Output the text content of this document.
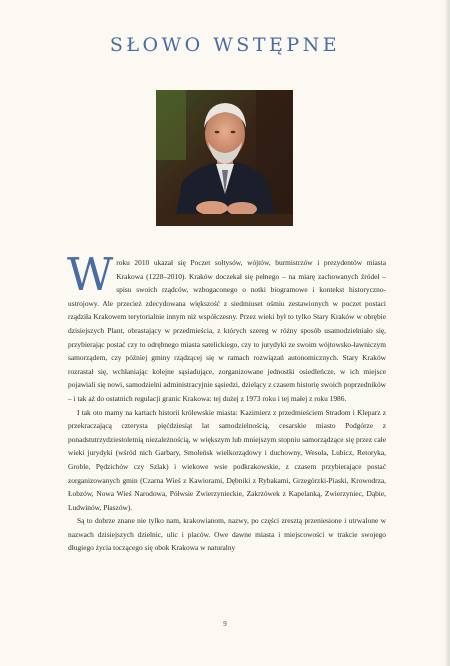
SŁOWO WSTĘPNE

Wroku 2010 ukazał się Poczet sołtysów, wójtów, burmistrzów i prezydentów miasta Krakowa (1228–2010). Kraków doczekał się pełnego – na miarę zachowanych źródeł – spisu swoich rządców, wzbogaconego o notki biogramowe i kontekst historyczno-ustrojowy. Ale przecież zdecydowana większość z siedmiuset ośmiu zestawionych w poczet postaci rządziła Krakowem terytorialnie innym niż współczesny. Przez wieki był to tylko Stary Kraków w obrębie dzisiejszych Plant, obrastający w przedmieścia, z których szereg w różny sposób usamodzielniało się, przybierając postać czy to odrębnego miasta satelickiego, czy to jurydyki ze swoim wójtowsko-ławniczym samorządem, czy później gminy rządzącej się w ramach rozwiązań autonomicznych. Stary Kraków rozrastał się, wchłaniając kolejne sąsiadujące, zorganizowane jednostki osiedleńcze, w ich miejsce pojawiali się nowi, samodzielni administracyjnie sąsiedzi, dzielący z czasem historię swoich poprzedników – i tak aż do ostatnich regulacji granic Krakowa: tej dużej z 1973 roku i tej małej z roku 1986.

I tak oto mamy na kartach historii królewskie miasta: Kazimierz z przedmieściem Stradom i Kleparz z przekraczającą czterysta pięćdziesiąt lat samodzielnością, cesarskie miasto Podgórze z ponadstutrzydziestoletnią niezależnością, w większym lub mniejszym stopniu samorządzące się przez całe wieki jurydyki (wśród nich Garbary, Smoleńsk wielkorządowy i duchowny, Wesoła, Lubicz, Retoryka, Groble, Pędzichów czy Szlak) i wiekowe wsie podkrakowskie, z czasem przybierające postać zorganizowanych gmin (Czarna Wieś z Kawiorami, Dębniki z Rybakami, Grzegórzki-Piaski, Krowodrza, Łobzów, Nowa Wieś Narodowa, Półwsie Zwierzynieckie, Zakrzówek z Kapelanką, Zwierzyniec, Dąbie, Ludwinów, Płaszów).

Są to dobrze znane nie tylko nam, krakowianom, nazwy, po części zresztą przeniesione i utrwalone w nazwach dzisiejszych dzielnic, ulic i placów. Owe dawne miasta i miejscowości w trakcie swojego długiego życia toczącego się obok Krakowa w naturalny

9
